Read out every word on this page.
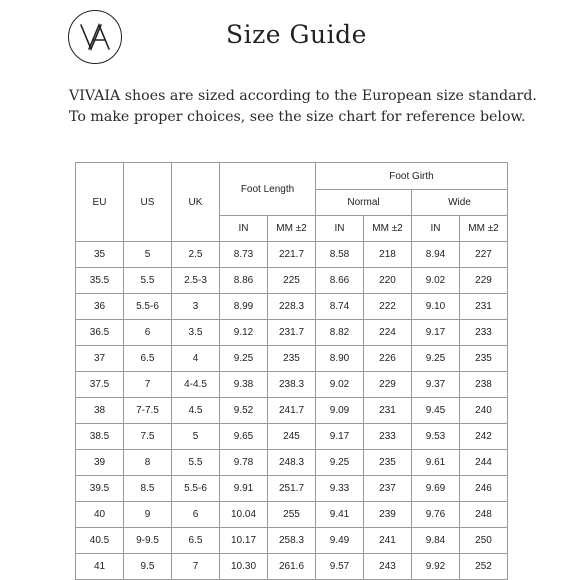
Size Guide
VIVAIA shoes are sized according to the European size standard.
To make proper choices, see the size chart for reference below.
EU	US	UK	Foot Length		Foot Girth			
					Normal		Wide	
			IN	MM ±2	IN	MM ±2	IN	MM ±2
35	5	2.5	8.73	221.7	8.58	218	8.94	227
35.5	5.5	2.5-3	8.86	225	8.66	220	9.02	229
36	5.5-6	3	8.99	228.3	8.74	222	9.10	231
36.5	6	3.5	9.12	231.7	8.82	224	9.17	233
37	6.5	4	9.25	235	8.90	226	9.25	235
37.5	7	4-4.5	9.38	238.3	9.02	229	9.37	238
38	7-7.5	4.5	9.52	241.7	9.09	231	9.45	240
38.5	7.5	5	9.65	245	9.17	233	9.53	242
39	8	5.5	9.78	248.3	9.25	235	9.61	244
39.5	8.5	5.5-6	9.91	251.7	9.33	237	9.69	246
40	9	6	10.04	255	9.41	239	9.76	248
40.5	9-9.5	6.5	10.17	258.3	9.49	241	9.84	250
41	9.5	7	10.30	261.6	9.57	243	9.92	252
